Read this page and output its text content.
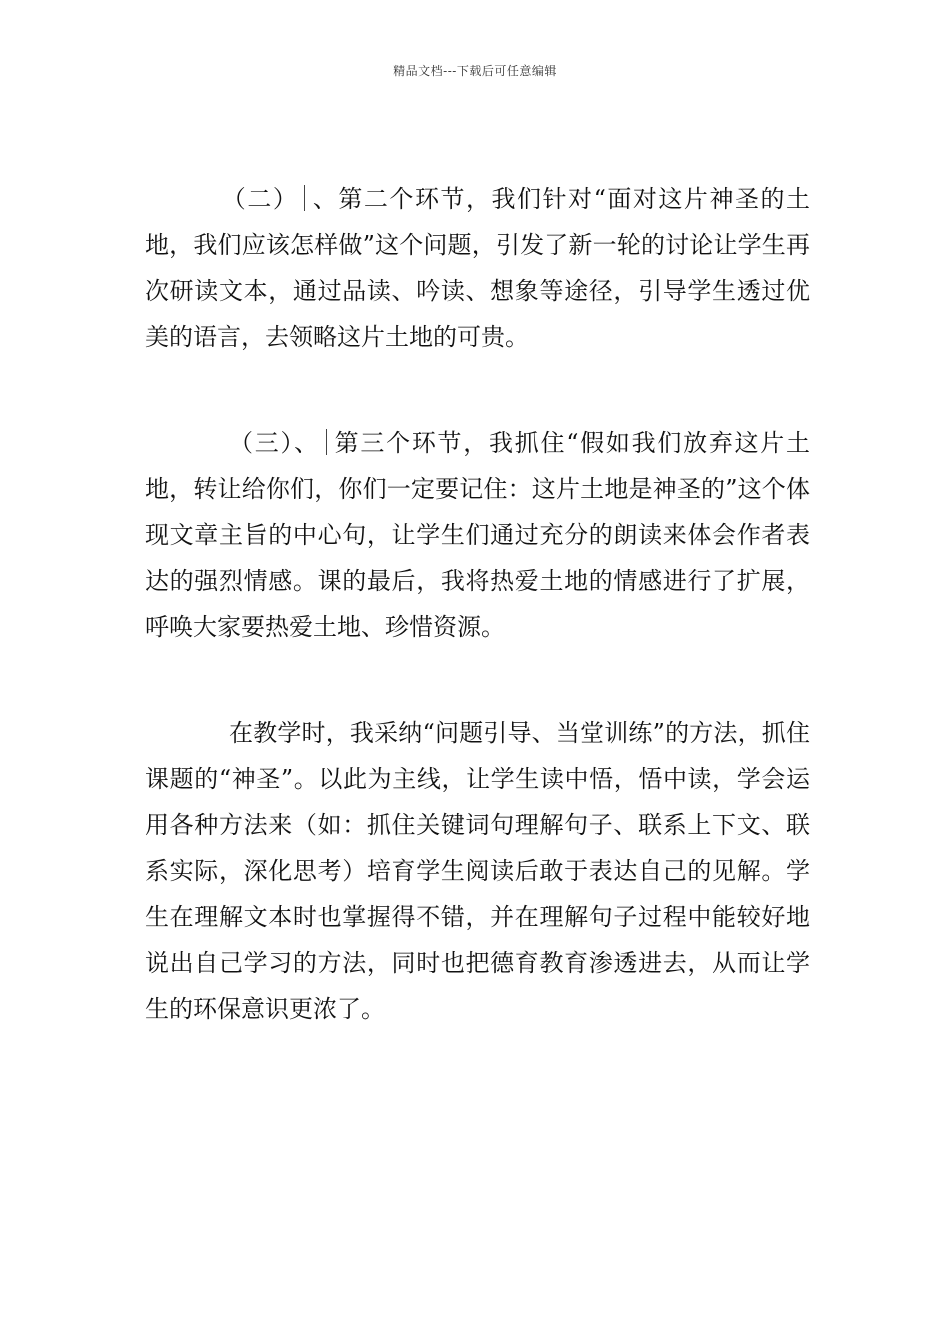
精品文档---下载后可任意编辑

（二） 、第二个环节，我们针对“面对这片神圣的土地，我们应该怎样做”这个问题，引发了新一轮的讨论让学生再次研读文本，通过品读、吟读、想象等途径，引导学生透过优美的语言，去领略这片土地的可贵。

（三）、 第三个环节，我抓住“假如我们放弃这片土地，转让给你们，你们一定要记住：这片土地是神圣的”这个体现文章主旨的中心句，让学生们通过充分的朗读来体会作者表达的强烈情感。课的最后，我将热爱土地的情感进行了扩展，呼唤大家要热爱土地、珍惜资源。

在教学时，我采纳“问题引导、当堂训练”的方法，抓住课题的“神圣”。以此为主线，让学生读中悟，悟中读，学会运用各种方法来（如：抓住关键词句理解句子、联系上下文、联系实际，深化思考）培育学生阅读后敢于表达自己的见解。学生在理解文本时也掌握得不错，并在理解句子过程中能较好地说出自己学习的方法，同时也把德育教育渗透进去，从而让学生的环保意识更浓了。
